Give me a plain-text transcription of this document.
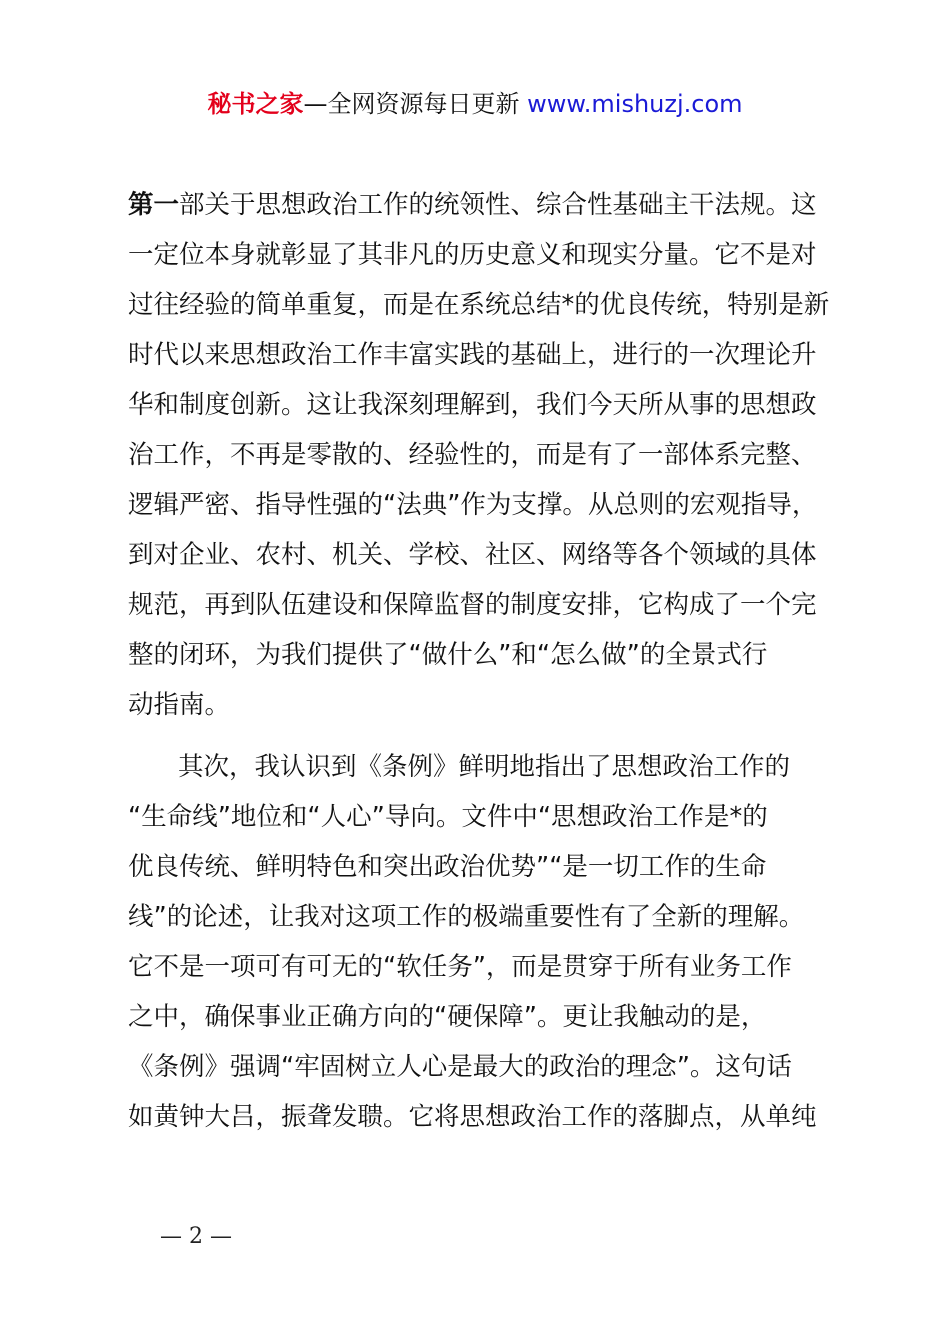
秘书之家—全网资源每日更新 www.mishuzj.com
第一部关于思想政治工作的统领性、综合性基础主干法规。这
一定位本身就彰显了其非凡的历史意义和现实分量。它不是对
过往经验的简单重复，而是在系统总结*的优良传统，特别是新
时代以来思想政治工作丰富实践的基础上，进行的一次理论升
华和制度创新。这让我深刻理解到，我们今天所从事的思想政
治工作，不再是零散的、经验性的，而是有了一部体系完整、
逻辑严密、指导性强的“法典”作为支撑。从总则的宏观指导，
到对企业、农村、机关、学校、社区、网络等各个领域的具体
规范，再到队伍建设和保障监督的制度安排，它构成了一个完
整的闭环，为我们提供了“做什么”和“怎么做”的全景式行
动指南。
其次，我认识到《条例》鲜明地指出了思想政治工作的
“生命线”地位和“人心”导向。文件中“思想政治工作是*的
优良传统、鲜明特色和突出政治优势”“是一切工作的生命
线”的论述，让我对这项工作的极端重要性有了全新的理解。
它不是一项可有可无的“软任务”，而是贯穿于所有业务工作
之中，确保事业正确方向的“硬保障”。更让我触动的是，
《条例》强调“牢固树立人心是最大的政治的理念”。这句话
如黄钟大吕，振聋发聩。它将思想政治工作的落脚点，从单纯
— 2 —
